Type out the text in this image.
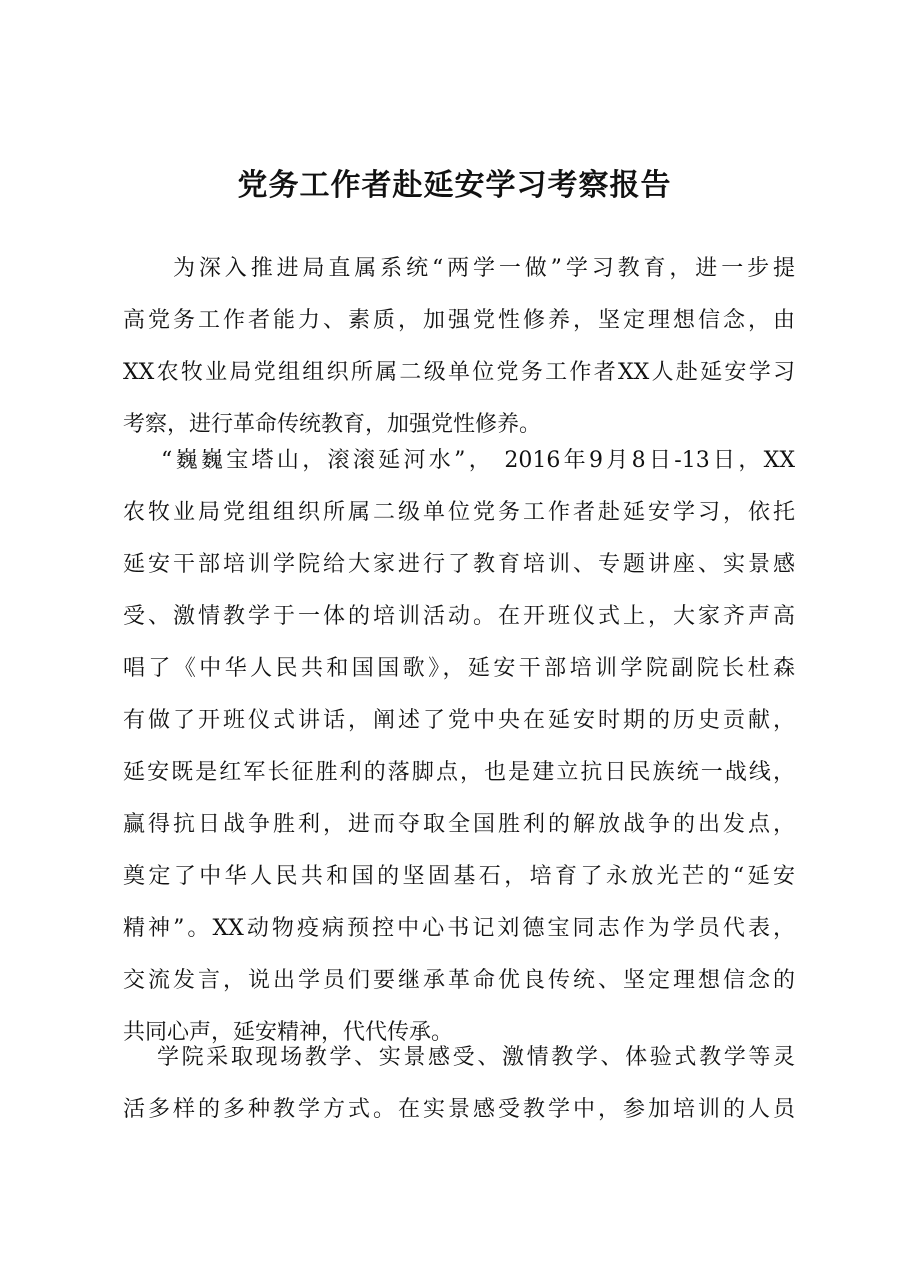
党务工作者赴延安学习考察报告
为深入推进局直属系统“两学一做”学习教育，进一步提
高党务工作者能力、素质，加强党性修养，坚定理想信念，由
XX农牧业局党组组织所属二级单位党务工作者XX人赴延安学习
考察，进行革命传统教育，加强党性修养。
“巍巍宝塔山，滚滚延河水”， 2016年9月8日-13日，XX
农牧业局党组组织所属二级单位党务工作者赴延安学习，依托
延安干部培训学院给大家进行了教育培训、专题讲座、实景感
受、激情教学于一体的培训活动。在开班仪式上，大家齐声高
唱了《中华人民共和国国歌》，延安干部培训学院副院长杜森
有做了开班仪式讲话，阐述了党中央在延安时期的历史贡献，
延安既是红军长征胜利的落脚点，也是建立抗日民族统一战线，
赢得抗日战争胜利，进而夺取全国胜利的解放战争的出发点，
奠定了中华人民共和国的坚固基石，培育了永放光芒的“延安
精神”。XX动物疫病预控中心书记刘德宝同志作为学员代表，
交流发言，说出学员们要继承革命优良传统、坚定理想信念的
共同心声，延安精神，代代传承。
学院采取现场教学、实景感受、激情教学、体验式教学等灵
活多样的多种教学方式。在实景感受教学中，参加培训的人员
